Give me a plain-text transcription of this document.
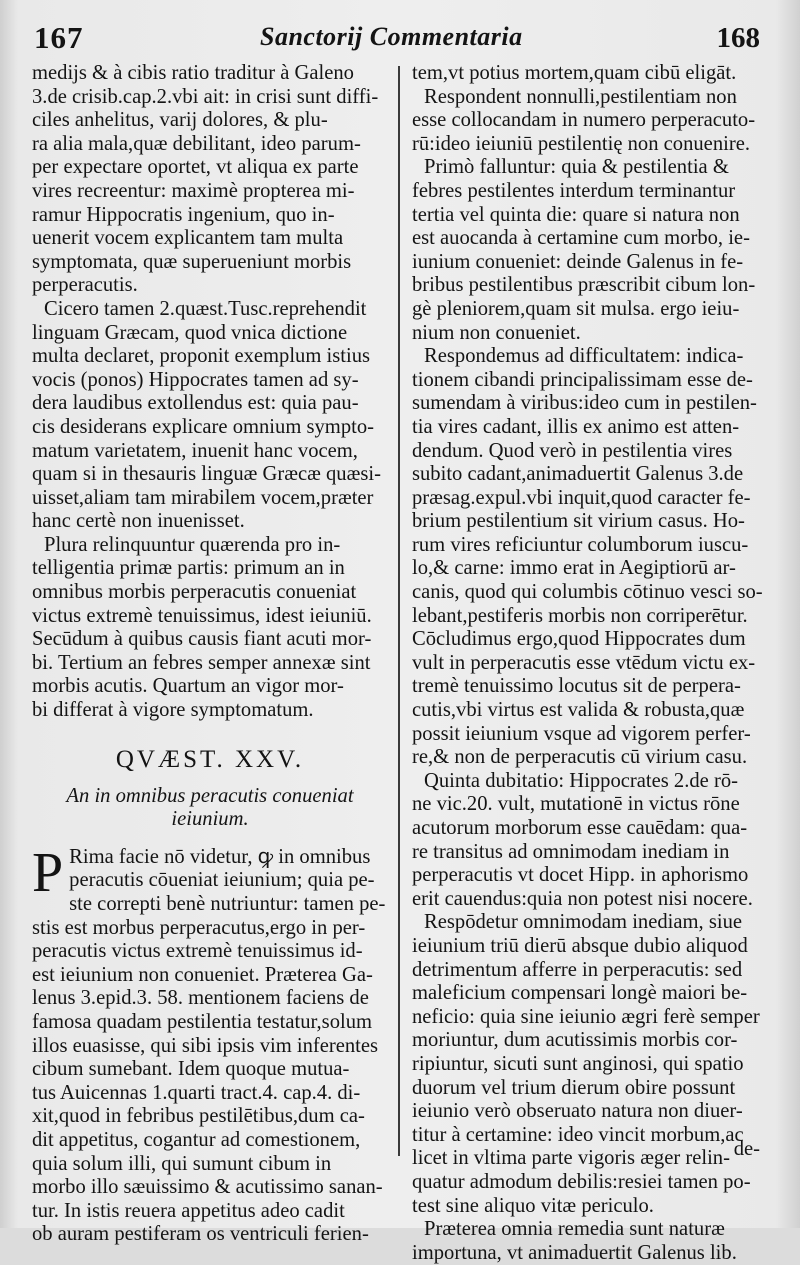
167	Sanctorij Commentaria	168
medijs & à cibis ratio traditur à Galeno
3.de crisib.cap.2.vbi ait: in crisi sunt diffi-
ciles anhelitus, varij dolores, & plu-
ra alia mala,quæ debilitant, ideo parum-
per expectare oportet, vt aliqua ex parte
vires recreentur: maximè propterea mi-
ramur Hippocratis ingenium, quo in-
uenerit vocem explicantem tam multa
symptomata, quæ superueniunt morbis
perperacutis.
Cicero tamen 2.quæst.Tusc.reprehendit
linguam Græcam, quod vnica dictione
multa declaret, proponit exemplum istius
vocis (ponos) Hippocrates tamen ad sy-
dera laudibus extollendus est: quia pau-
cis desiderans explicare omnium sympto-
matum varietatem, inuenit hanc vocem,
quam si in thesauris linguæ Græcæ quæsi-
uisset,aliam tam mirabilem vocem,præter
hanc certè non inuenisset.
Plura relinquuntur quærenda pro in-
telligentia primæ partis: primum an in
omnibus morbis perperacutis conueniat
victus extremè tenuissimus, idest ieiuniū.
Secūdum à quibus causis fiant acuti mor-
bi. Tertium an febres semper annexæ sint
morbis acutis. Quartum an vigor mor-
bi differat à vigore symptomatum.
QVÆST. XXV.
An in omnibus peracutis conueniat
ieiunium.
P Rima facie nō videtur, ꝙ in omnibus
peracutis cōueniat ieiunium; quia pe-
ste correpti benè nutriuntur: tamen pe-
stis est morbus perperacutus,ergo in per-
peracutis victus extremè tenuissimus id-
est ieiunium non conueniet. Præterea Ga-
lenus 3.epid.3. 58. mentionem faciens de
famosa quadam pestilentia testatur,solum
illos euasisse, qui sibi ipsis vim inferentes
cibum sumebant. Idem quoque mutua-
tus Auicennas 1.quarti tract.4. cap.4. di-
xit,quod in febribus pestilētibus,dum ca-
dit appetitus, cogantur ad comestionem,
quia solum illi, qui sumunt cibum in
morbo illo sæuissimo & acutissimo sanan-
tur. In istis reuera appetitus adeo cadit
ob auram pestiferam os ventriculi ferien-
tem,vt potius mortem,quam cibū eligāt.
Respondent nonnulli,pestilentiam non
esse collocandam in numero perperacuto-
rū:ideo ieiuniū pestilentię non conuenire.
Primò falluntur: quia & pestilentia &
febres pestilentes interdum terminantur
tertia vel quinta die: quare si natura non
est auocanda à certamine cum morbo, ie-
iunium conueniet: deinde Galenus in fe-
bribus pestilentibus præscribit cibum lon-
gè pleniorem,quam sit mulsa. ergo ieiu-
nium non conueniet.
Respondemus ad difficultatem: indica-
tionem cibandi principalissimam esse de-
sumendam à viribus:ideo cum in pestilen-
tia vires cadant, illis ex animo est atten-
dendum. Quod verò in pestilentia vires
subito cadant,animaduertit Galenus 3.de
præsag.expul.vbi inquit,quod caracter fe-
brium pestilentium sit virium casus. Ho-
rum vires reficiuntur columborum iuscu-
lo,& carne: immo erat in Aegiptiorū ar-
canis, quod qui columbis cōtinuo vesci so-
lebant,pestiferis morbis non corriperētur.
Cōcludimus ergo,quod Hippocrates dum
vult in perperacutis esse vtēdum victu ex-
tremè tenuissimo locutus sit de perpera-
cutis,vbi virtus est valida & robusta,quæ
possit ieiunium vsque ad vigorem perfer-
re,& non de perperacutis cū virium casu.
Quinta dubitatio: Hippocrates 2.de rō-
ne vic.20. vult, mutationē in victus rōne
acutorum morborum esse cauēdam: qua-
re transitus ad omnimodam inediam in
perperacutis vt docet Hipp. in aphorismo
erit cauendus:quia non potest nisi nocere.
Respōdetur omnimodam inediam, siue
ieiunium triū dierū absque dubio aliquod
detrimentum afferre in perperacutis: sed
maleficium compensari longè maiori be-
neficio: quia sine ieiunio ægri ferè semper
moriuntur, dum acutissimis morbis cor-
ripiuntur, sicuti sunt anginosi, qui spatio
duorum vel trium dierum obire possunt
ieiunio verò obseruato natura non diuer-
titur à certamine: ideo vincit morbum,ac
licet in vltima parte vigoris æger relin-
quatur admodum debilis:resiei tamen po-
test sine aliquo vitæ periculo.
Præterea omnia remedia sunt naturæ
importuna, vt animaduertit Galenus lib.
de-
